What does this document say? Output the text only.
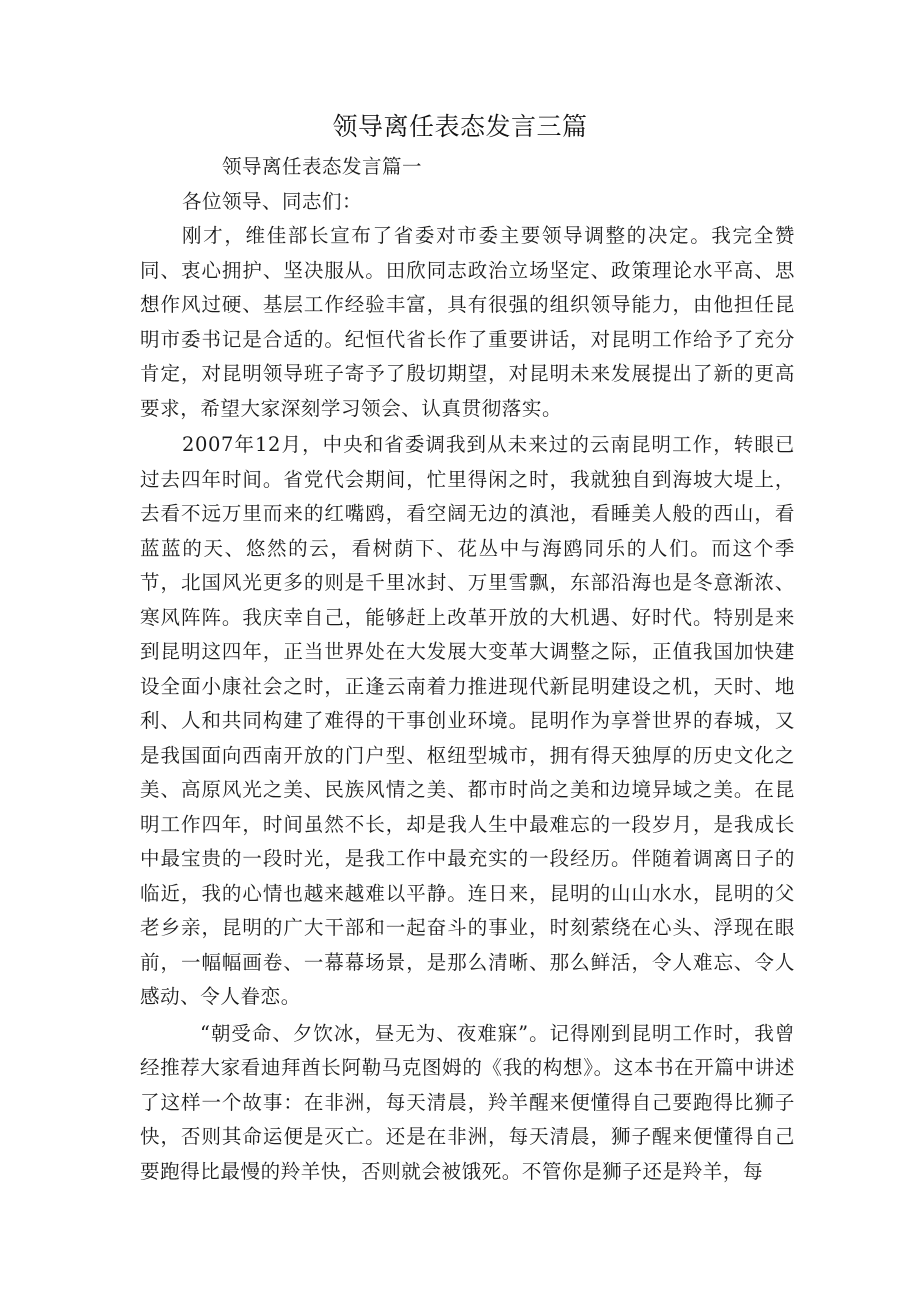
领导离任表态发言三篇

领导离任表态发言篇一

各位领导、同志们：

刚才，维佳部长宣布了省委对市委主要领导调整的决定。我完全赞同、衷心拥护、坚决服从。田欣同志政治立场坚定、政策理论水平高、思想作风过硬、基层工作经验丰富，具有很强的组织领导能力，由他担任昆明市委书记是合适的。纪恒代省长作了重要讲话，对昆明工作给予了充分肯定，对昆明领导班子寄予了殷切期望，对昆明未来发展提出了新的更高要求，希望大家深刻学习领会、认真贯彻落实。

2007年12月，中央和省委调我到从未来过的云南昆明工作，转眼已过去四年时间。省党代会期间，忙里得闲之时，我就独自到海坡大堤上，去看不远万里而来的红嘴鸥，看空阔无边的滇池，看睡美人般的西山，看蓝蓝的天、悠然的云，看树荫下、花丛中与海鸥同乐的人们。而这个季节，北国风光更多的则是千里冰封、万里雪飘，东部沿海也是冬意渐浓、寒风阵阵。我庆幸自己，能够赶上改革开放的大机遇、好时代。特别是来到昆明这四年，正当世界处在大发展大变革大调整之际，正值我国加快建设全面小康社会之时，正逢云南着力推进现代新昆明建设之机，天时、地利、人和共同构建了难得的干事创业环境。昆明作为享誉世界的春城，又是我国面向西南开放的门户型、枢纽型城市，拥有得天独厚的历史文化之美、高原风光之美、民族风情之美、都市时尚之美和边境异域之美。在昆明工作四年，时间虽然不长，却是我人生中最难忘的一段岁月，是我成长中最宝贵的一段时光，是我工作中最充实的一段经历。伴随着调离日子的临近，我的心情也越来越难以平静。连日来，昆明的山山水水，昆明的父老乡亲，昆明的广大干部和一起奋斗的事业，时刻萦绕在心头、浮现在眼前，一幅幅画卷、一幕幕场景，是那么清晰、那么鲜活，令人难忘、令人感动、令人眷恋。

“朝受命、夕饮冰，昼无为、夜难寐”。记得刚到昆明工作时，我曾经推荐大家看迪拜酋长阿勒马克图姆的《我的构想》。这本书在开篇中讲述了这样一个故事：在非洲，每天清晨，羚羊醒来便懂得自己要跑得比狮子快，否则其命运便是灭亡。还是在非洲，每天清晨，狮子醒来便懂得自己要跑得比最慢的羚羊快，否则就会被饿死。不管你是狮子还是羚羊，每
